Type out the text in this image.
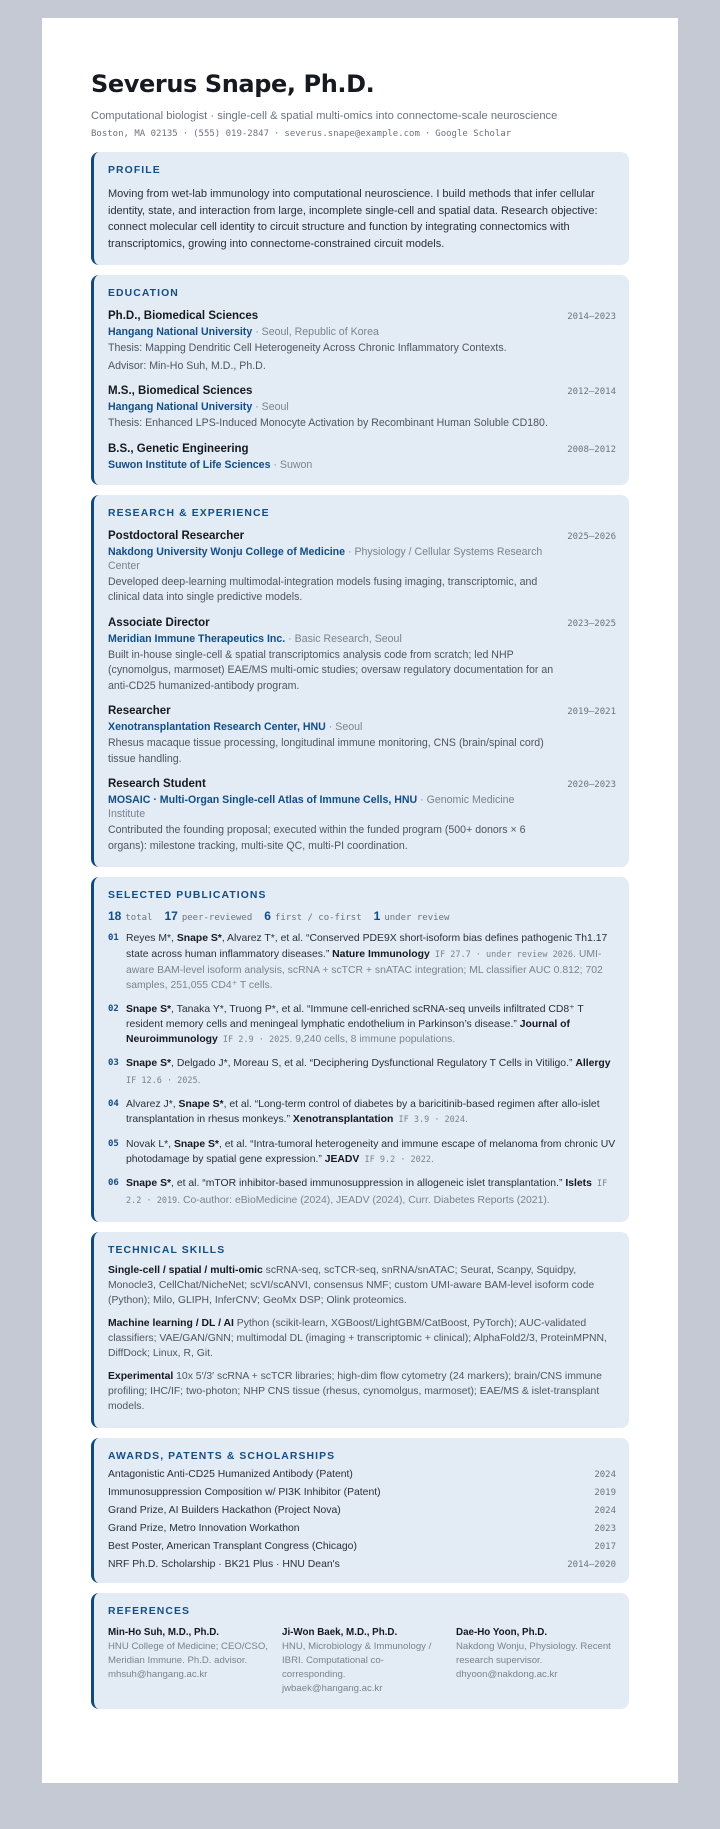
Severus Snape, Ph.D.
Computational biologist · single-cell & spatial multi-omics into connectome-scale neuroscience
Boston, MA 02135 · (555) 019-2847 · severus.snape@example.com · Google Scholar
PROFILE
Moving from wet-lab immunology into computational neuroscience. I build methods that infer cellular identity, state, and interaction from large, incomplete single-cell and spatial data. Research objective: connect molecular cell identity to circuit structure and function by integrating connectomics with transcriptomics, growing into connectome-constrained circuit models.
EDUCATION
Ph.D., Biomedical Sciences	2014–2023
Hangang National University · Seoul, Republic of Korea
Thesis: Mapping Dendritic Cell Heterogeneity Across Chronic Inflammatory Contexts.
Advisor: Min-Ho Suh, M.D., Ph.D.
M.S., Biomedical Sciences	2012–2014
Hangang National University · Seoul
Thesis: Enhanced LPS-Induced Monocyte Activation by Recombinant Human Soluble CD180.
B.S., Genetic Engineering	2008–2012
Suwon Institute of Life Sciences · Suwon
RESEARCH & EXPERIENCE
Postdoctoral Researcher	2025–2026
Nakdong University Wonju College of Medicine · Physiology / Cellular Systems Research Center
Developed deep-learning multimodal-integration models fusing imaging, transcriptomic, and clinical data into single predictive models.
Associate Director	2023–2025
Meridian Immune Therapeutics Inc. · Basic Research, Seoul
Built in-house single-cell & spatial transcriptomics analysis code from scratch; led NHP (cynomolgus, marmoset) EAE/MS multi-omic studies; oversaw regulatory documentation for an anti-CD25 humanized-antibody program.
Researcher	2019–2021
Xenotransplantation Research Center, HNU · Seoul
Rhesus macaque tissue processing, longitudinal immune monitoring, CNS (brain/spinal cord) tissue handling.
Research Student	2020–2023
MOSAIC · Multi-Organ Single-cell Atlas of Immune Cells, HNU · Genomic Medicine Institute
Contributed the founding proposal; executed within the funded program (500+ donors × 6 organs): milestone tracking, multi-site QC, multi-PI coordination.
SELECTED PUBLICATIONS
18 total 17 peer-reviewed 6 first / co-first 1 under review
01 Reyes M*, Snape S*, Alvarez T*, et al. “Conserved PDE9X short-isoform bias defines pathogenic Th1.17 state across human inflammatory diseases.” Nature Immunology IF 27.7 · under review 2026. UMI-aware BAM-level isoform analysis, scRNA + scTCR + snATAC integration; ML classifier AUC 0.812; 702 samples, 251,055 CD4⁺ T cells.
02 Snape S*, Tanaka Y*, Truong P*, et al. “Immune cell-enriched scRNA-seq unveils infiltrated CD8⁺ T resident memory cells and meningeal lymphatic endothelium in Parkinson’s disease.” Journal of Neuroimmunology IF 2.9 · 2025. 9,240 cells, 8 immune populations.
03 Snape S*, Delgado J*, Moreau S, et al. “Deciphering Dysfunctional Regulatory T Cells in Vitiligo.” Allergy IF 12.6 · 2025.
04 Alvarez J*, Snape S*, et al. “Long-term control of diabetes by a baricitinib-based regimen after allo-islet transplantation in rhesus monkeys.” Xenotransplantation IF 3.9 · 2024.
05 Novak L*, Snape S*, et al. “Intra-tumoral heterogeneity and immune escape of melanoma from chronic UV photodamage by spatial gene expression.” JEADV IF 9.2 · 2022.
06 Snape S*, et al. “mTOR inhibitor-based immunosuppression in allogeneic islet transplantation.” Islets IF 2.2 · 2019. Co-author: eBioMedicine (2024), JEADV (2024), Curr. Diabetes Reports (2021).
TECHNICAL SKILLS
Single-cell / spatial / multi-omic scRNA-seq, scTCR-seq, snRNA/snATAC; Seurat, Scanpy, Squidpy, Monocle3, CellChat/NicheNet; scVI/scANVI, consensus NMF; custom UMI-aware BAM-level isoform code (Python); Milo, GLIPH, InferCNV; GeoMx DSP; Olink proteomics.
Machine learning / DL / AI Python (scikit-learn, XGBoost/LightGBM/CatBoost, PyTorch); AUC-validated classifiers; VAE/GAN/GNN; multimodal DL (imaging + transcriptomic + clinical); AlphaFold2/3, ProteinMPNN, DiffDock; Linux, R, Git.
Experimental 10x 5′/3′ scRNA + scTCR libraries; high-dim flow cytometry (24 markers); brain/CNS immune profiling; IHC/IF; two-photon; NHP CNS tissue (rhesus, cynomolgus, marmoset); EAE/MS & islet-transplant models.
AWARDS, PATENTS & SCHOLARSHIPS
Antagonistic Anti-CD25 Humanized Antibody (Patent)	2024
Immunosuppression Composition w/ PI3K Inhibitor (Patent)	2019
Grand Prize, AI Builders Hackathon (Project Nova)	2024
Grand Prize, Metro Innovation Workathon	2023
Best Poster, American Transplant Congress (Chicago)	2017
NRF Ph.D. Scholarship · BK21 Plus · HNU Dean's	2014–2020
REFERENCES
Min-Ho Suh, M.D., Ph.D.
HNU College of Medicine; CEO/CSO, Meridian Immune. Ph.D. advisor.
mhsuh@hangang.ac.kr
Ji-Won Baek, M.D., Ph.D.
HNU, Microbiology & Immunology / IBRI. Computational co-corresponding.
jwbaek@hangang.ac.kr
Dae-Ho Yoon, Ph.D.
Nakdong Wonju, Physiology. Recent research supervisor.
dhyoon@nakdong.ac.kr
